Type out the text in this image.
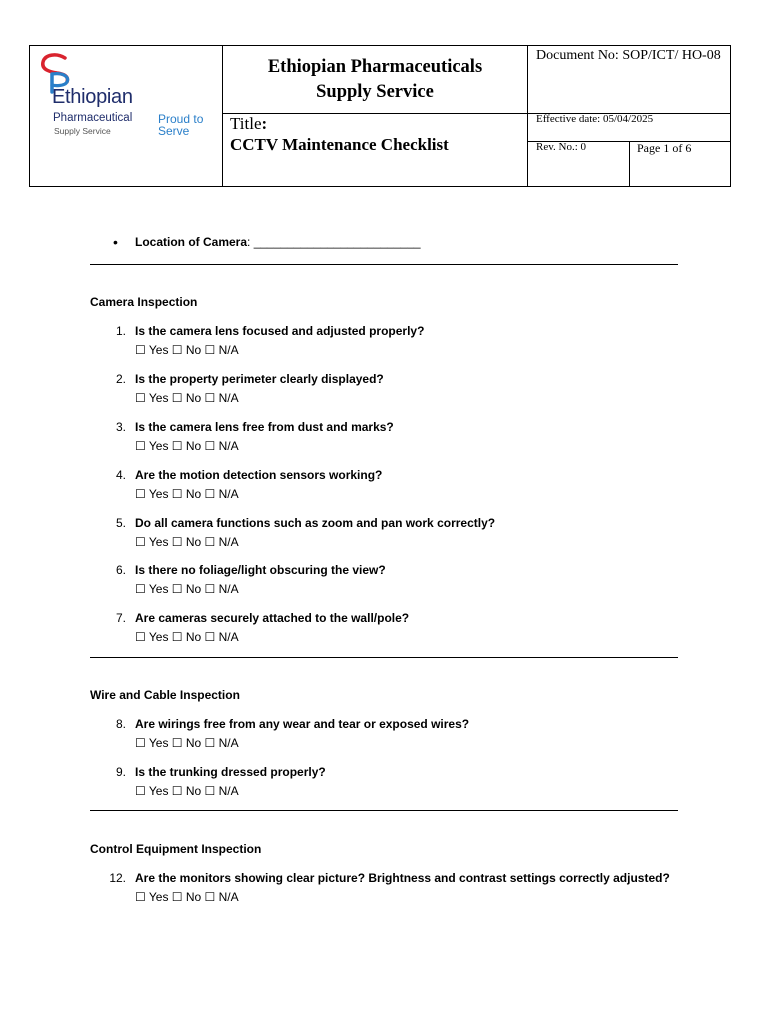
Ethiopian
Pharmaceutical
Supply Service
Proud to
Serve
Ethiopian Pharmaceuticals
Supply Service
Title:
CCTV Maintenance Checklist
Document No: SOP/ICT/ HO-08
Effective date: 05/04/2025
Rev. No.: 0	Page 1 of 6
• Location of Camera: _________________________
Camera Inspection
1. Is the camera lens focused and adjusted properly?
☐ Yes ☐ No ☐ N/A
2. Is the property perimeter clearly displayed?
☐ Yes ☐ No ☐ N/A
3. Is the camera lens free from dust and marks?
☐ Yes ☐ No ☐ N/A
4. Are the motion detection sensors working?
☐ Yes ☐ No ☐ N/A
5. Do all camera functions such as zoom and pan work correctly?
☐ Yes ☐ No ☐ N/A
6. Is there no foliage/light obscuring the view?
☐ Yes ☐ No ☐ N/A
7. Are cameras securely attached to the wall/pole?
☐ Yes ☐ No ☐ N/A
Wire and Cable Inspection
8. Are wirings free from any wear and tear or exposed wires?
☐ Yes ☐ No ☐ N/A
9. Is the trunking dressed properly?
☐ Yes ☐ No ☐ N/A
Control Equipment Inspection
12. Are the monitors showing clear picture? Brightness and contrast settings correctly adjusted?
☐ Yes ☐ No ☐ N/A
